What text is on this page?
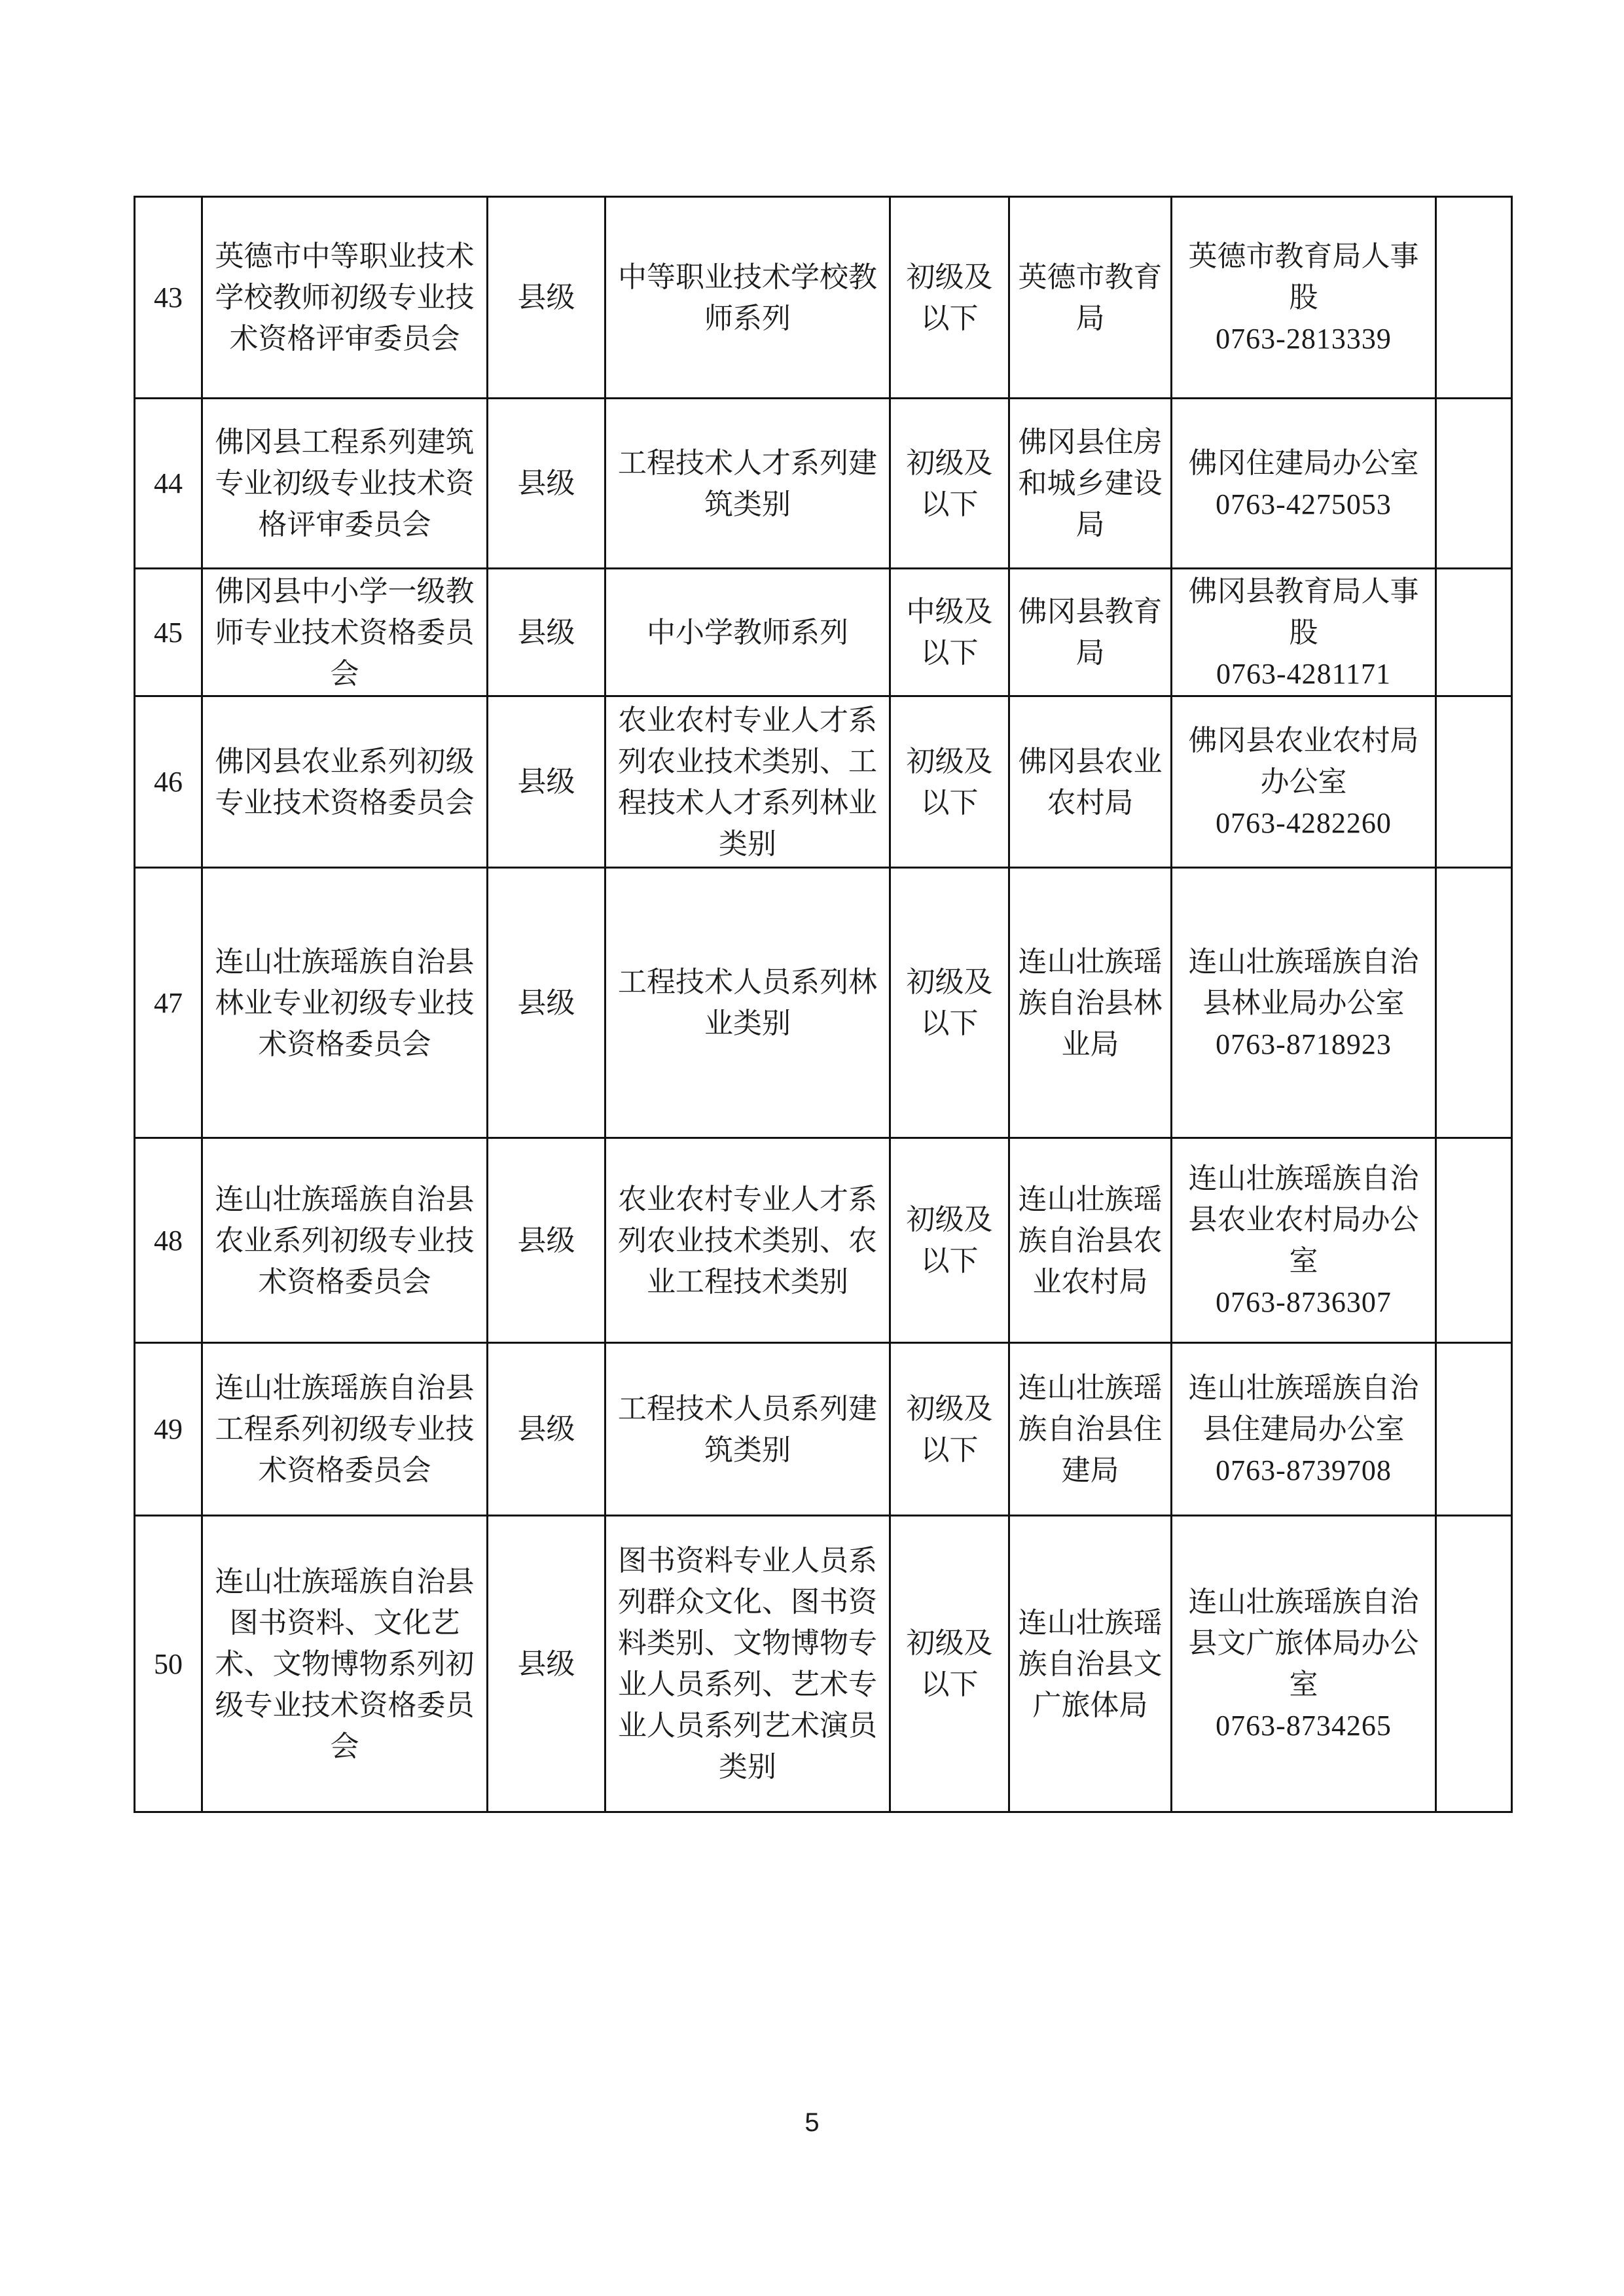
43	英德市中等职业技术学校教师初级专业技术资格评审委员会	县级	中等职业技术学校教师系列	初级及以下	英德市教育局	英德市教育局人事股
0763-2813339	

44	佛冈县工程系列建筑专业初级专业技术资格评审委员会	县级	工程技术人才系列建筑类别	初级及以下	佛冈县住房和城乡建设局	佛冈住建局办公室
0763-4275053	

45	佛冈县中小学一级教师专业技术资格委员会	县级	中小学教师系列	中级及以下	佛冈县教育局	佛冈县教育局人事股
0763-4281171	

46	佛冈县农业系列初级专业技术资格委员会	县级	农业农村专业人才系列农业技术类别、工程技术人才系列林业类别	初级及以下	佛冈县农业农村局	佛冈县农业农村局办公室
0763-4282260	

47	连山壮族瑶族自治县林业专业初级专业技术资格委员会	县级	工程技术人员系列林业类别	初级及以下	连山壮族瑶族自治县林业局	连山壮族瑶族自治县林业局办公室
0763-8718923	

48	连山壮族瑶族自治县农业系列初级专业技术资格委员会	县级	农业农村专业人才系列农业技术类别、农业工程技术类别	初级及以下	连山壮族瑶族自治县农业农村局	连山壮族瑶族自治县农业农村局办公室
0763-8736307	

49	连山壮族瑶族自治县工程系列初级专业技术资格委员会	县级	工程技术人员系列建筑类别	初级及以下	连山壮族瑶族自治县住建局	连山壮族瑶族自治县住建局办公室
0763-8739708	

50	连山壮族瑶族自治县图书资料、文化艺术、文物博物系列初级专业技术资格委员会	县级	图书资料专业人员系列群众文化、图书资料类别、文物博物专业人员系列、艺术专业人员系列艺术演员类别	初级及以下	连山壮族瑶族自治县文广旅体局	连山壮族瑶族自治县文广旅体局办公室
0763-8734265	

5
